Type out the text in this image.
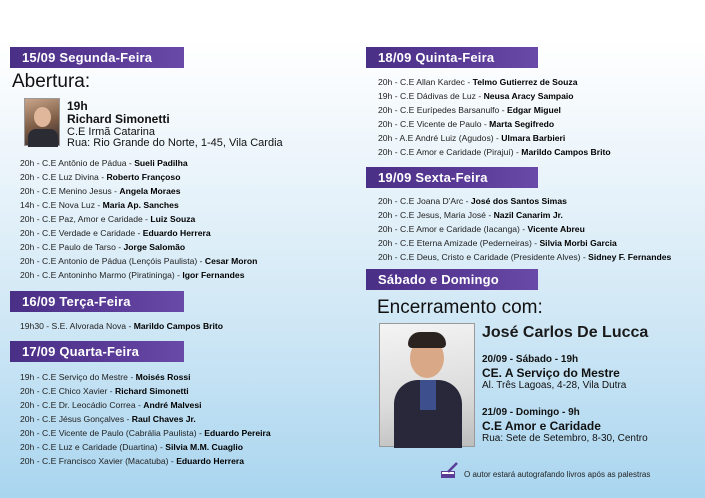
15/09 Segunda-Feira
Abertura:
19h
Richard Simonetti
C.E Irmã Catarina
Rua: Rio Grande do Norte, 1-45, Vila Cardia
20h - C.E Antônio de Pádua - Sueli Padilha
20h - C.E Luz Divina - Roberto Françoso
20h - C.E Menino Jesus - Angela Moraes
14h - C.E Nova Luz - Maria Ap. Sanches
20h - C.E Paz, Amor e Caridade - Luiz Souza
20h - C.E Verdade e Caridade - Eduardo Herrera
20h - C.E Paulo de Tarso - Jorge Salomão
20h - C.E Antonio de Pádua (Lençóis Paulista) - Cesar Moron
20h - C.E Antoninho Marmo (Piratininga) - Igor Fernandes
16/09 Terça-Feira
19h30 - S.E. Alvorada Nova - Marildo Campos Brito
17/09 Quarta-Feira
19h - C.E Serviço do Mestre - Moisés Rossi
20h - C.E Chico Xavier - Richard Simonetti
20h - C.E Dr. Leocádio Correa - André Malvesi
20h - C.E Jésus Gonçalves - Raul Chaves Jr.
20h - C.E Vicente de Paulo (Cabrália Paulista) - Eduardo Pereira
20h - C.E Luz e Caridade (Duartina) - Silvia M.M. Cuaglio
20h - C.E Francisco Xavier (Macatuba) - Eduardo Herrera
18/09 Quinta-Feira
20h - C.E Allan Kardec - Telmo Gutierrez de Souza
19h - C.E Dádivas de Luz - Neusa Aracy Sampaio
20h - C.E Eurípedes Barsanulfo - Edgar Miguel
20h - C.E Vicente de Paulo - Marta Segifredo
20h - A.E André Luiz (Agudos) - Ulmara Barbieri
20h - C.E Amor e Caridade (Pirajuí) - Marildo Campos Brito
19/09 Sexta-Feira
20h - C.E Joana D'Arc - José dos Santos Simas
20h - C.E Jesus, Maria José - Nazil Canarim Jr.
20h - C.E Amor e Caridade (Iacanga) - Vicente Abreu
20h - C.E Eterna Amizade (Pederneiras) - Silvia Morbi Garcia
20h - C.E Deus, Cristo e Caridade (Presidente Alves) - Sidney F. Fernandes
Sábado e Domingo
Encerramento com:
José Carlos De Lucca
20/09 - Sábado - 19h
CE. A Serviço do Mestre
Al. Três Lagoas, 4-28, Vila Dutra
21/09 - Domingo - 9h
C.E Amor e Caridade
Rua: Sete de Setembro, 8-30, Centro
O autor estará autografando livros após as palestras
